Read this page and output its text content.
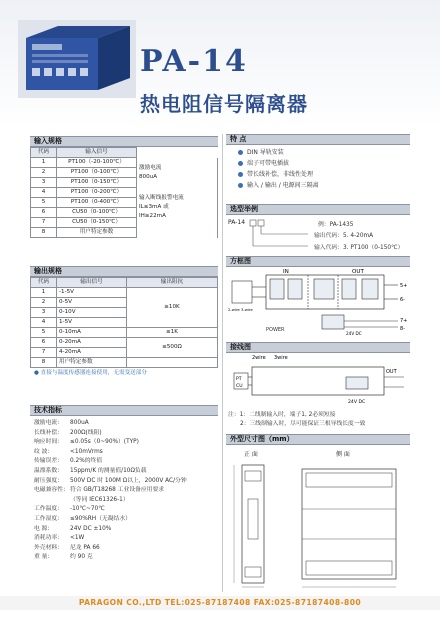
PA-14
热电阻信号隔离器
输入规格
代码	输入信号	
1	PT100（-20-100℃）	激励电流
800uA

2	PT100（0-100℃）	
3	PT100（0-150℃）	
4	PT100（0-200℃）	输入断线报警电流
IL≤3mA 或
IH≥22mA

5	PT100（0-400℃）	
6	CU50（0-100℃）	
7	CU50（0-150℃）	
8	用户特定参数	
输出规格
代码	输出信号	输出阻抗
1	-1-5V	≥10K
2	0-5V	
3	0-10V	
4	1-5V	
5	0-10mA	≤1K
6	0-20mA	≤500Ω
7	4-20mA	
8	用户特定参数	
● 直接与温度传感器连接使用，无需变送部分
技术指标
激励电流： 800uA
长线补偿： 200Ω(线阻)
响应时间： ≤0.05s（0~90%）(TYP)
纹 波：	<10mVrms
传输误差： 0.2%的终值
温漂系数： 15ppm/K 的测量值/10Ω负载
耐压强度： 500V DC 时 100M Ω以上，2000V AC/分钟
电磁兼容性：符合 GB/T18268 工业设备应用要求
（等同 IEC61326-1）
工作温度： -10℃~70℃
工作湿度： ≤90%RH（无凝结水）
电 源：	24V DC ±10%
消耗功率： <1W
外壳材料： 尼龙 PA 66
重 量：	约 90 克
特 点
DIN 导轨安装
端子可带电插拔
带长线补偿，非线性处理
输入 / 输出 / 电源间三隔离
选型举例
PA-14	例：PA-1435
输出代码：5. 4-20mA
输入代码：3. PT100（0-150℃）
方框图
IN	OUT
2-wire 3-wire
POWER
24V DC
5+
6-
7+
8-
接线图
2wire 3wire
PT
CU
OUT
24V DC
注：1：二线制输入时，端子1, 2必须短接
2：三线制输入时，尽可能保证三根导线长度一致
外型尺寸图（mm）
正 面	侧 面
PARAGON CO.,LTD TEL:025-87187408 FAX:025-87187408-800
